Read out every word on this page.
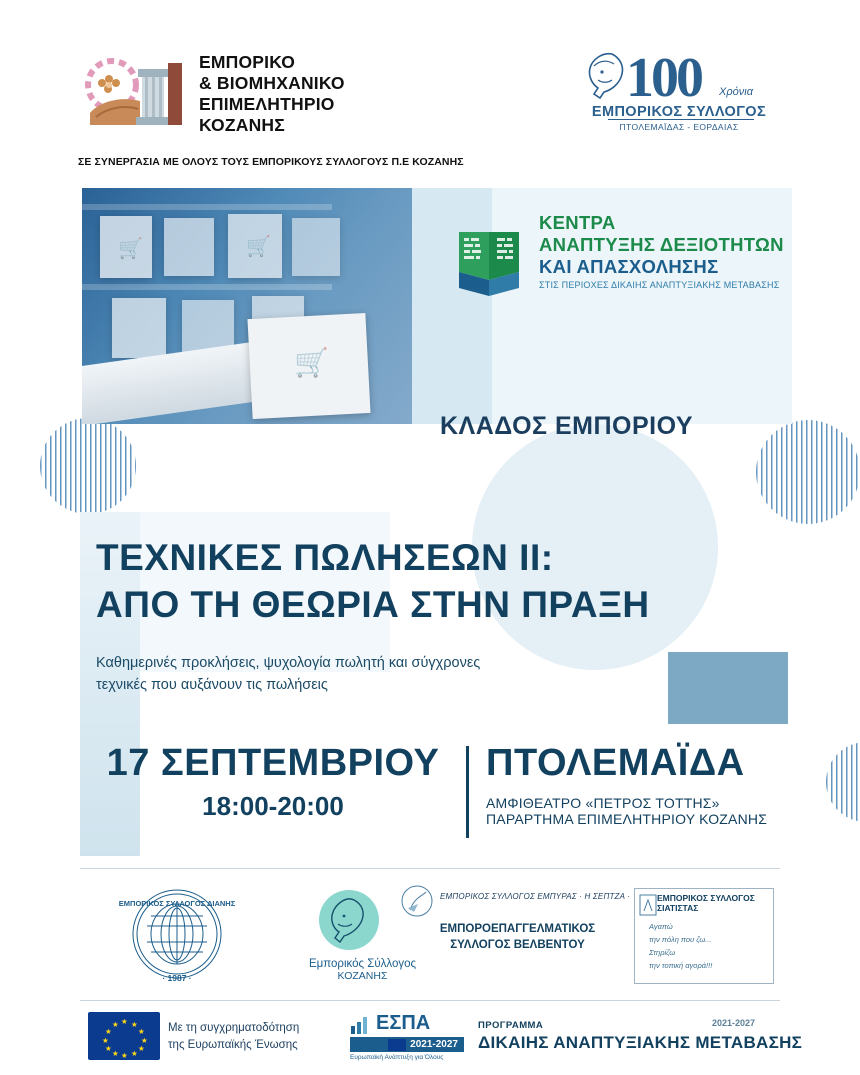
ΕΜΠΟΡΙΚΟ
& ΒΙΟΜΗΧΑΝΙΚΟ
ΕΠΙΜΕΛΗΤΗΡΙΟ
ΚΟΖΑΝΗΣ
ΣΕ ΣΥΝΕΡΓΑΣΙΑ ΜΕ ΟΛΟΥΣ ΤΟΥΣ ΕΜΠΟΡΙΚΟΥΣ ΣΥΛΛΟΓΟΥΣ Π.Ε ΚΟΖΑΝΗΣ
100 Χρόνια
ΕΜΠΟΡΙΚΟΣ ΣΥΛΛΟΓΟΣ
ΠΤΟΛΕΜΑΪΔΑΣ - ΕΟΡΔΑΙΑΣ
🛒	🛒
🛒
ΚΕΝΤΡΑ
ΑΝΑΠΤΥΞΗΣ ΔΕΞΙΟΤΗΤΩΝ
ΚΑΙ ΑΠΑΣΧΟΛΗΣΗΣ
ΣΤΙΣ ΠΕΡΙΟΧΕΣ ΔΙΚΑΙΗΣ ΑΝΑΠΤΥΞΙΑΚΗΣ ΜΕΤΑΒΑΣΗΣ
ΚΛΑΔΟΣ ΕΜΠΟΡΙΟΥ
ΤΕΧΝΙΚΕΣ ΠΩΛΗΣΕΩΝ ΙΙ:
ΑΠΟ ΤΗ ΘΕΩΡΙΑ ΣΤΗΝ ΠΡΑΞΗ
Καθημερινές προκλήσεις, ψυχολογία πωλητή και σύγχρονες
τεχνικές που αυξάνουν τις πωλήσεις
17 ΣΕΠΤΕΜΒΡΙΟΥ
18:00-20:00
ΠΤΟΛΕΜΑΪΔΑ
ΑΜΦΙΘΕΑΤΡΟ «ΠΕΤΡΟΣ ΤΟΤΤΗΣ»
ΠΑΡΑΡΤΗΜΑ ΕΠΙΜΕΛΗΤΗΡΙΟΥ ΚΟΖΑΝΗΣ
ΕΜΠΟΡΙΚΟΣ ΣΥΛΛΟΓΟΣ ΔΙΑΝΗΣ
· 1987 ·
Εμπορικός Σύλλογος
ΚΟΖΑΝΗΣ
ΕΜΠΟΡΙΚΟΣ ΣΥΛΛΟΓΟΣ ΕΜΠΥΡΑΣ · Η ΣΕΠΤΖΑ ·
ΕΜΠΟΡΟΕΠΑΓΓΕΛΜΑΤΙΚΟΣ
ΣΥΛΛΟΓΟΣ ΒΕΛΒΕΝΤΟΥ
ΕΜΠΟΡΙΚΟΣ ΣΥΛΛΟΓΟΣ
ΣΙΑΤΙΣΤΑΣ
Αγαπώ
την πόλη που ζω...
Στηρίζω
την τοπική αγορά!!!
★ ★
★
★
★
★
★
★
★
★
★
★	Με τη συγχρηματοδότηση
της Ευρωπαϊκής Ένωσης
ΕΣΠΑ
2021-2027
Ευρωπαϊκή Ανάπτυξη για Όλους
ΠΡΟΓΡΑΜΜΑ
ΔΙΚΑΙΗΣ ΑΝΑΠΤΥΞΙΑΚΗΣ ΜΕΤΑΒΑΣΗΣ
2021-2027
